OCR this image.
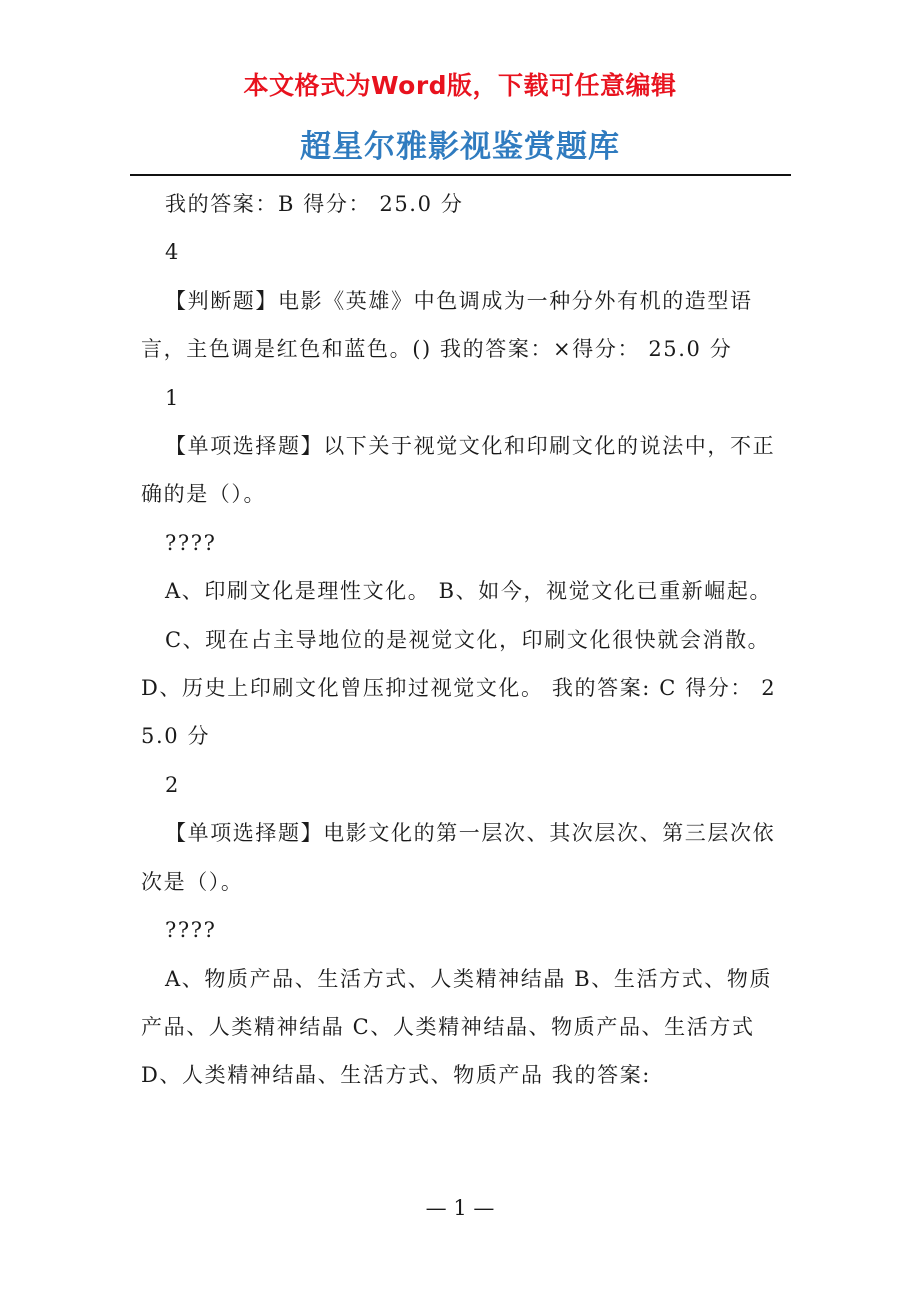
本文格式为Word版，下载可任意编辑
超星尔雅影视鉴赏题库

我的答案：B 得分： 25.0 分

4

【判断题】电影《英雄》中色调成为一种分外有机的造型语言，主色调是红色和蓝色。() 我的答案：×得分： 25.0 分

1

【单项选择题】以下关于视觉文化和印刷文化的说法中，不正确的是（）。

????

A、印刷文化是理性文化。 B、如今，视觉文化已重新崛起。

C、现在占主导地位的是视觉文化，印刷文化很快就会消散。 D、历史上印刷文化曾压抑过视觉文化。 我的答案: C 得分： 25.0 分

2

【单项选择题】电影文化的第一层次、其次层次、第三层次依次是（）。

????

A、物质产品、生活方式、人类精神结晶 B、生活方式、物质产品、人类精神结晶 C、人类精神结晶、物质产品、生活方式 D、人类精神结晶、生活方式、物质产品 我的答案:

— 1 —
